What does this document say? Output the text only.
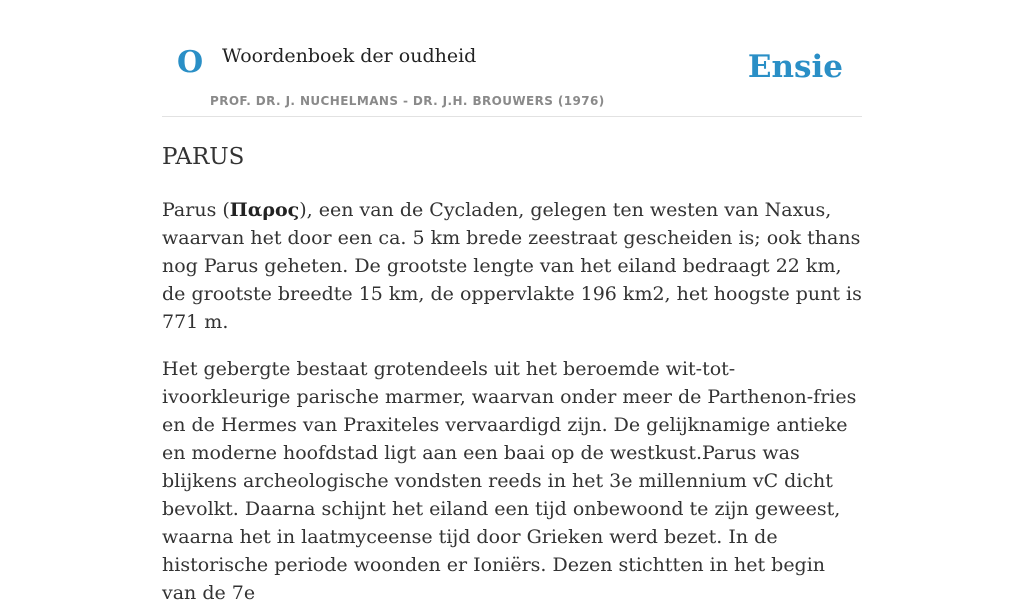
O Woordenboek der oudheid
PROF. DR. J. NUCHELMANS - DR. J.H. BROUWERS (1976)
Ensie
PARUS

Parus (Παρος), een van de Cycladen, gelegen ten westen van Naxus, waarvan het door een ca. 5 km brede zeestraat gescheiden is; ook thans nog Parus geheten. De grootste lengte van het eiland bedraagt 22 km, de grootste breedte 15 km, de oppervlakte 196 km2, het hoogste punt is 771 m.

Het gebergte bestaat grotendeels uit het beroemde wit-tot-ivoorkleurige parische marmer, waarvan onder meer de Parthenon-fries en de Hermes van Praxiteles vervaardigd zijn. De gelijknamige antieke en moderne hoofdstad ligt aan een baai op de westkust.Parus was blijkens archeologische vondsten reeds in het 3e millennium vC dicht bevolkt. Daarna schijnt het eiland een tijd onbewoond te zijn geweest, waarna het in laatmyceense tijd door Grieken werd bezet. In de historische periode woonden er Ioniërs. Dezen stichtten in het begin van de 7e
